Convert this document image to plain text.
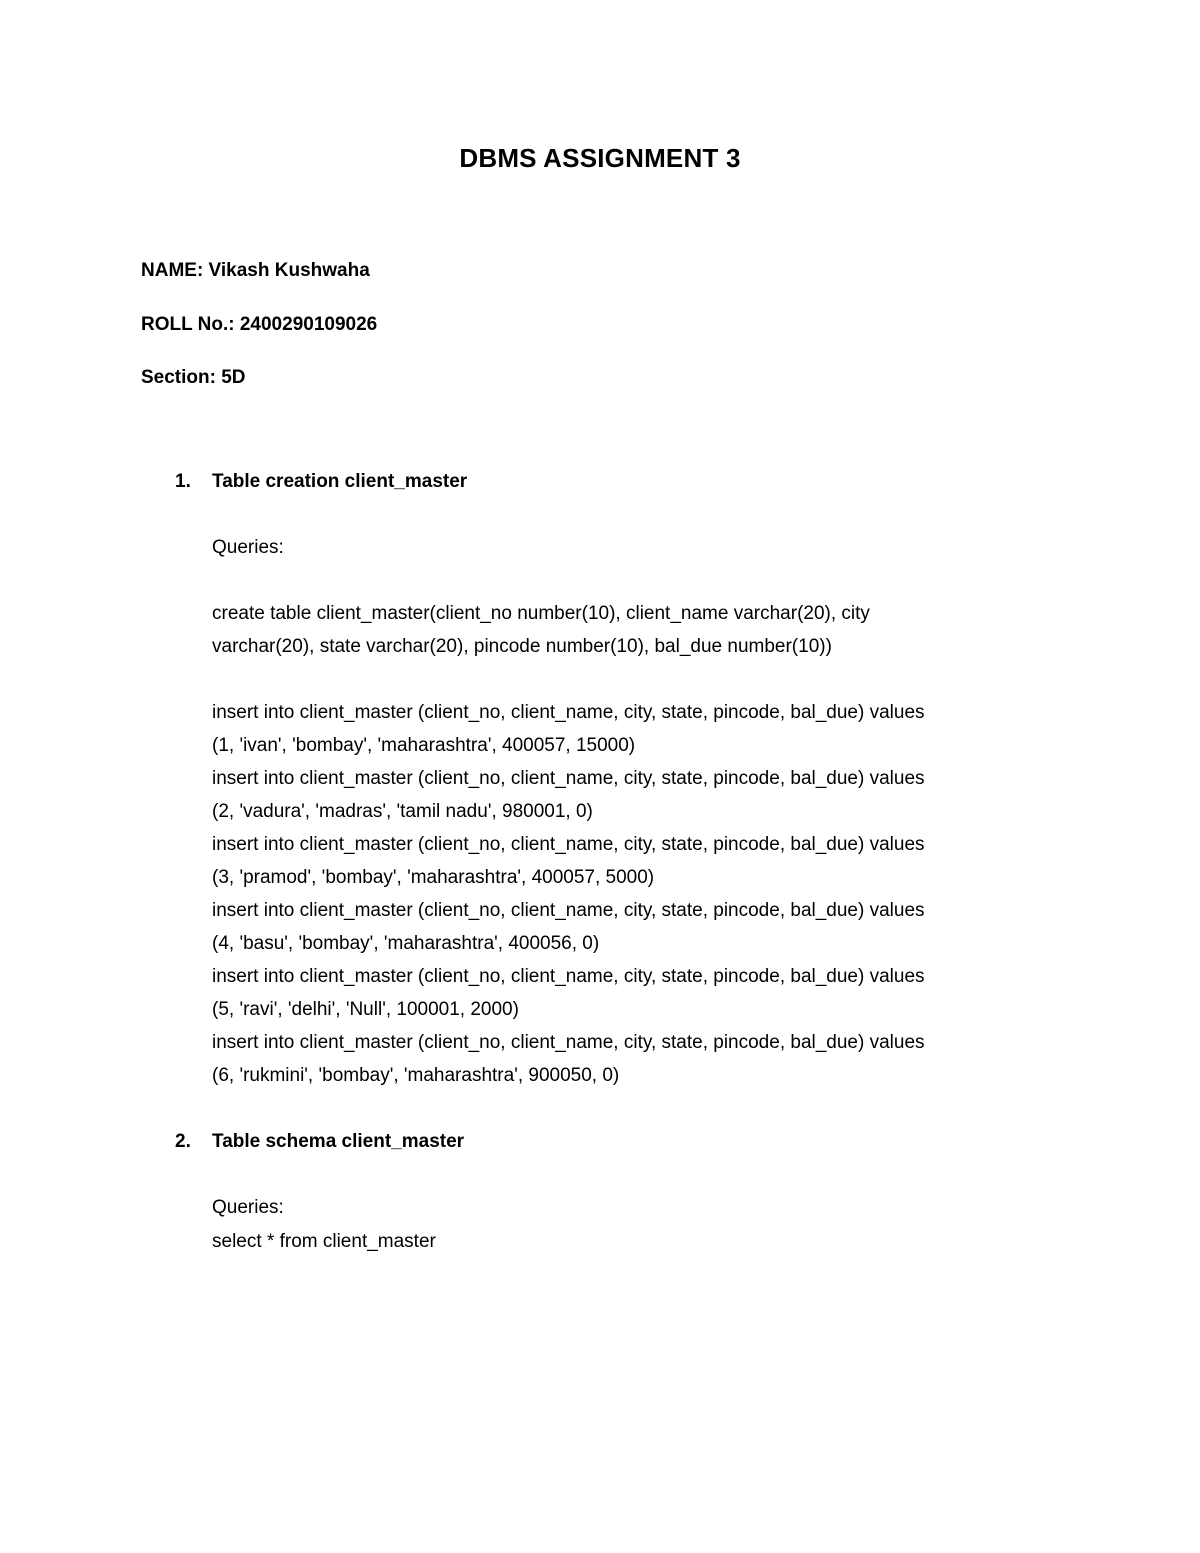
DBMS ASSIGNMENT 3
NAME: Vikash Kushwaha
ROLL No.: 2400290109026
Section: 5D
1. Table creation client_master
Queries:
create table client_master(client_no number(10), client_name varchar(20), city
varchar(20), state varchar(20), pincode number(10), bal_due number(10))
insert into client_master (client_no, client_name, city, state, pincode, bal_due) values
(1, 'ivan', 'bombay', 'maharashtra', 400057, 15000)
insert into client_master (client_no, client_name, city, state, pincode, bal_due) values
(2, 'vadura', 'madras', 'tamil nadu', 980001, 0)
insert into client_master (client_no, client_name, city, state, pincode, bal_due) values
(3, 'pramod', 'bombay', 'maharashtra', 400057, 5000)
insert into client_master (client_no, client_name, city, state, pincode, bal_due) values
(4, 'basu', 'bombay', 'maharashtra', 400056, 0)
insert into client_master (client_no, client_name, city, state, pincode, bal_due) values
(5, 'ravi', 'delhi', 'Null', 100001, 2000)
insert into client_master (client_no, client_name, city, state, pincode, bal_due) values
(6, 'rukmini', 'bombay', 'maharashtra', 900050, 0)
2. Table schema client_master
Queries:
select * from client_master
